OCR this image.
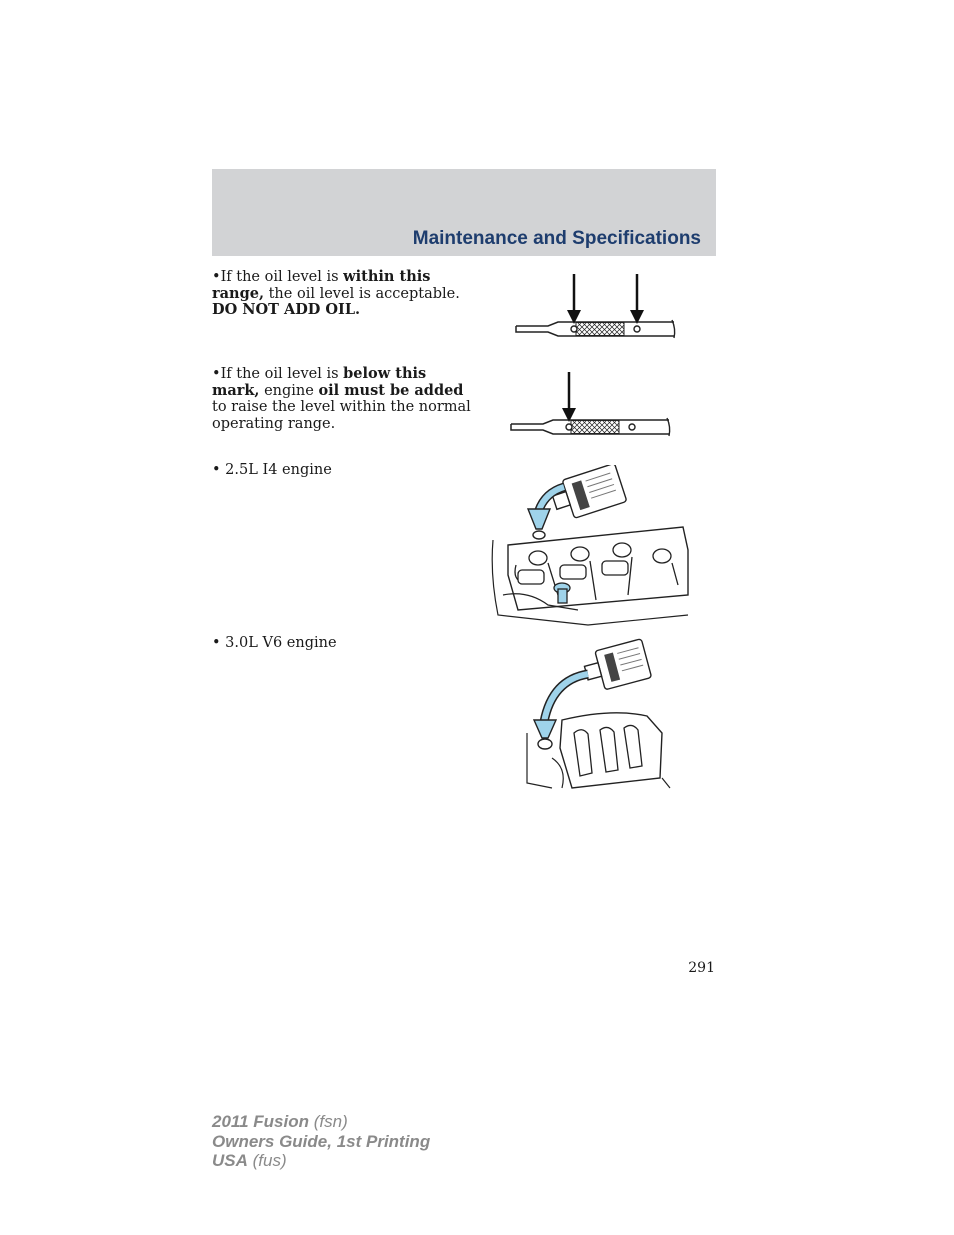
Maintenance and Specifications

•If the oil level is within this range, the oil level is acceptable.
DO NOT ADD OIL.

•If the oil level is below this mark, engine oil must be added to raise the level within the normal operating range.

• 2.5L I4 engine

• 3.0L V6 engine

291
2011 Fusion (fsn)
Owners Guide, 1st Printing
USA (fus)
